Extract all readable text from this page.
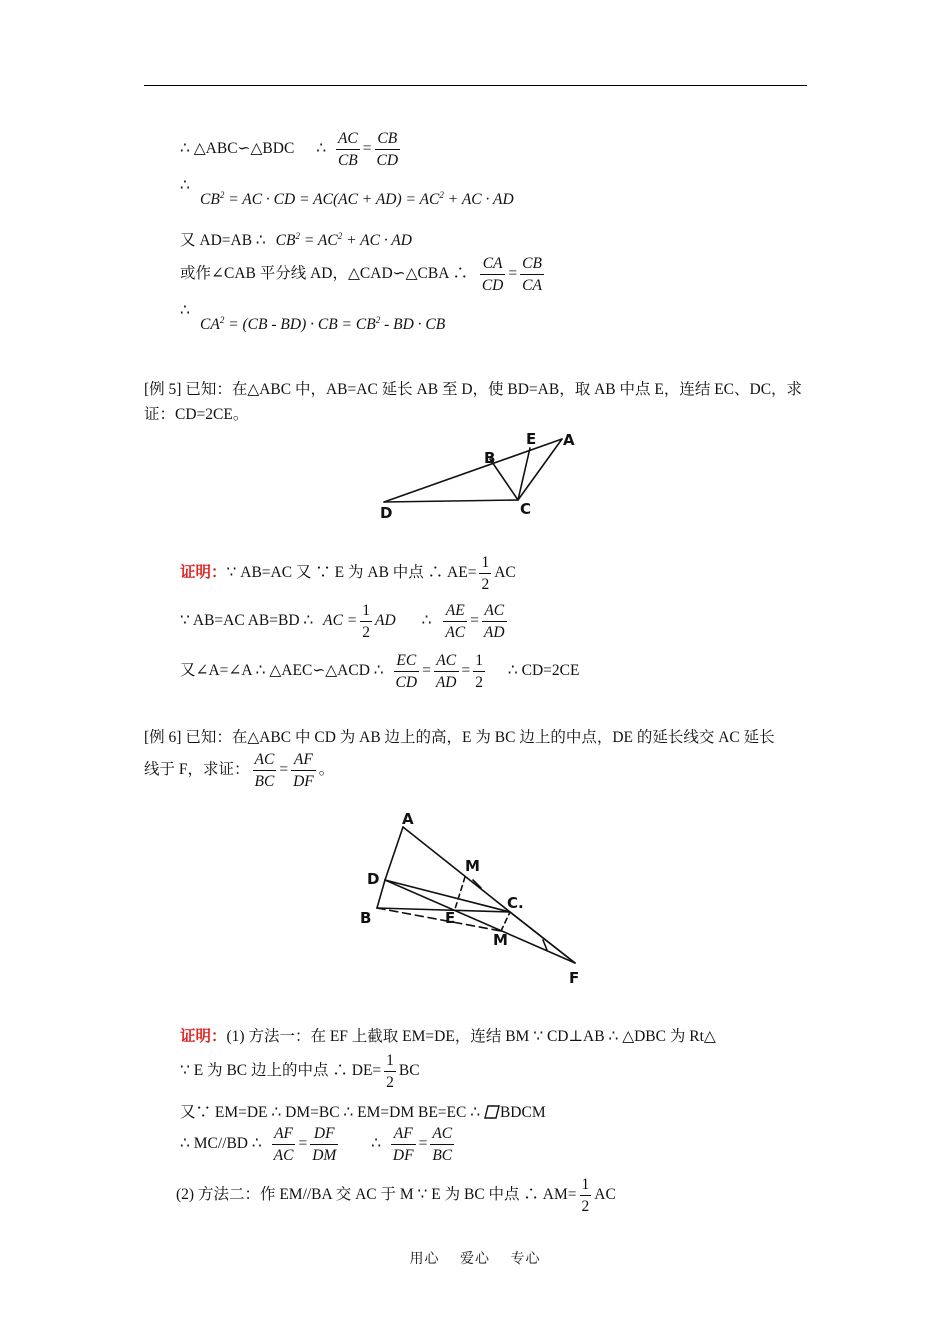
∴ △ABC∽△BDC ∴ $\frac{AC}{CB} = \frac{CB}{CD}$
∴
$CB^2$ = AC · CD = $AC(AC + AD) = AC^2$ + AC · AD
又 AD=AB ∴ $CB^2 = AC^2$ + AC · AD
或作∠CAB 平分线 AD，△CAD∽△CBA ∴ $\frac{CA}{CD} = \frac{CB}{CA}$
∴
$CA^2 = (CB - BD)$ · CB = $CB^2$ - BD · CB
[例 5] 已知：在△ABC 中，AB=AC 延长 AB 至 D，使 BD=AB，取 AB 中点 E，连结 EC、DC，求
证：CD=2CE。
D	C
B
E A
证明：∵ AB=AC 又 ∵ E 为 AB 中点 ∴ $AE= \frac{1}{2}$ AC
∵ AB=AC AB=BD ∴ AC = $\frac{1}{2}$ AD ∴ $\frac{AE}{AC} = \frac{AC}{AD}$
又∠A=∠A ∴ △AEC∽△ACD ∴ $\frac{EC}{CD} = \frac{AC}{AD} = \frac{1}{2}$ ∴ CD=2CE
[例 6] 已知：在△ABC 中 CD 为 AB 边上的高，E 为 BC 边上的中点，DE 的延长线交 AC 延长
线于 F，求证： $\frac{AC}{BC} = \frac{AF}{DF}$ 。
A
D
B	E
C.
M
M
F
证明：(1) 方法一：在 EF 上截取 EM=DE，连结 BM ∵ CD⊥AB ∴ △DBC 为 Rt△
∵ E 为 BC 边上的中点 ∴ $DE= \frac{1}{2}$ BC
又∵ EM=DE ∴ DM=BC ∴ EM=DM BE=EC ∴ BDCM
∴ MC//BD ∴ $\frac{AF}{AC} = \frac{DF}{DM}$ ∴ $\frac{AF}{DF} = \frac{AC}{BC}$
(2) 方法二：作 EM//BA 交 AC 于 M ∵ E 为 BC 中点 ∴ $AM= \frac{1}{2}$ AC
用心 爱心 专心
